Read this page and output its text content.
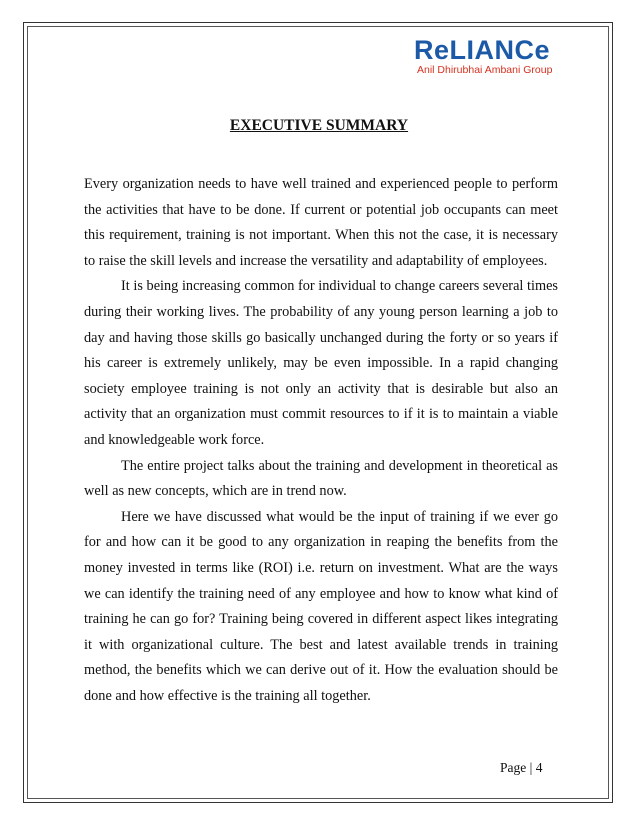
ReLIANCe
Anil Dhirubhai Ambani Group
EXECUTIVE SUMMARY

Every organization needs to have well trained and experienced people to perform the activities that have to be done. If current or potential job occupants can meet this requirement, training is not important. When this not the case, it is necessary to raise the skill levels and increase the versatility and adaptability of employees.

It is being increasing common for individual to change careers several times during their working lives. The probability of any young person learning a job to day and having those skills go basically unchanged during the forty or so years if his career is extremely unlikely, may be even impossible. In a rapid changing society employee training is not only an activity that is desirable but also an activity that an organization must commit resources to if it is to maintain a viable and knowledgeable work force.

The entire project talks about the training and development in theoretical as well as new concepts, which are in trend now.

Here we have discussed what would be the input of training if we ever go for and how can it be good to any organization in reaping the benefits from the money invested in terms like (ROI) i.e. return on investment. What are the ways we can identify the training need of any employee and how to know what kind of training he can go for? Training being covered in different aspect likes integrating it with organizational culture. The best and latest available trends in training method, the benefits which we can derive out of it. How the evaluation should be done and how effective is the training all together.

Page | 4
